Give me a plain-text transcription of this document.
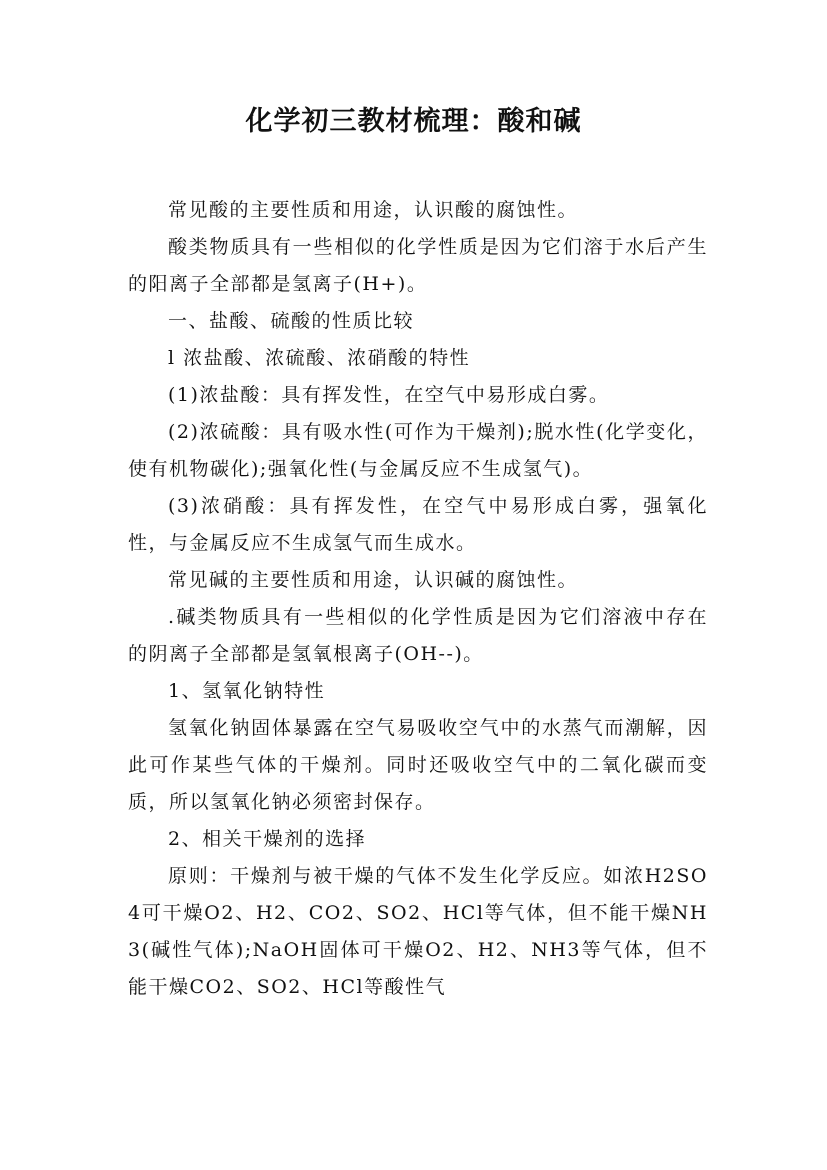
化学初三教材梳理：酸和碱

常见酸的主要性质和用途，认识酸的腐蚀性。

酸类物质具有一些相似的化学性质是因为它们溶于水后产生的阳离子全部都是氢离子(H+)。

一、盐酸、硫酸的性质比较

l 浓盐酸、浓硫酸、浓硝酸的特性

(1)浓盐酸：具有挥发性，在空气中易形成白雾。

(2)浓硫酸：具有吸水性(可作为干燥剂);脱水性(化学变化，使有机物碳化);强氧化性(与金属反应不生成氢气)。

(3)浓硝酸：具有挥发性，在空气中易形成白雾，强氧化性，与金属反应不生成氢气而生成水。

常见碱的主要性质和用途，认识碱的腐蚀性。

.碱类物质具有一些相似的化学性质是因为它们溶液中存在的阴离子全部都是氢氧根离子(OH--)。

1、氢氧化钠特性

氢氧化钠固体暴露在空气易吸收空气中的水蒸气而潮解，因此可作某些气体的干燥剂。同时还吸收空气中的二氧化碳而变质，所以氢氧化钠必须密封保存。

2、相关干燥剂的选择

原则：干燥剂与被干燥的气体不发生化学反应。如浓H2SO4可干燥O2、H2、CO2、SO2、HCl等气体，但不能干燥NH3(碱性气体);NaOH固体可干燥O2、H2、NH3等气体，但不能干燥CO2、SO2、HCl等酸性气
